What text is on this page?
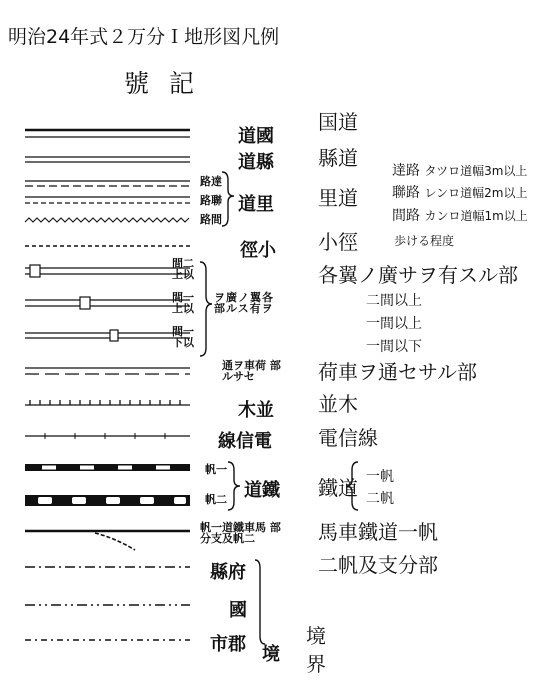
明治24年式２万分Ｉ地形図凡例
號記
道國
道縣
路達
路聯
路間
道里
徑小
間二 上以
間一 上以
間一 下以
ヲ廣ノ翼各 部ルス有ヲ
通ヲ車荷 部ルサセ
木並
線信電
帆一
帆二 道鐵
帆一道鐵車馬 部分支及帆二
縣府
國
市郡 境
国道
縣道
里道
達路 タツロ道幅3m以上
聯路 レンロ道幅2m以上
間路 カンロ道幅1m以上
小徑	歩ける程度
各翼ノ廣サヲ有スル部
二間以上
一間以上
一間以下
荷車ヲ通セサル部
並木
電信線
鐵道 一帆
二帆
馬車鐵道一帆
二帆及支分部
境
界
